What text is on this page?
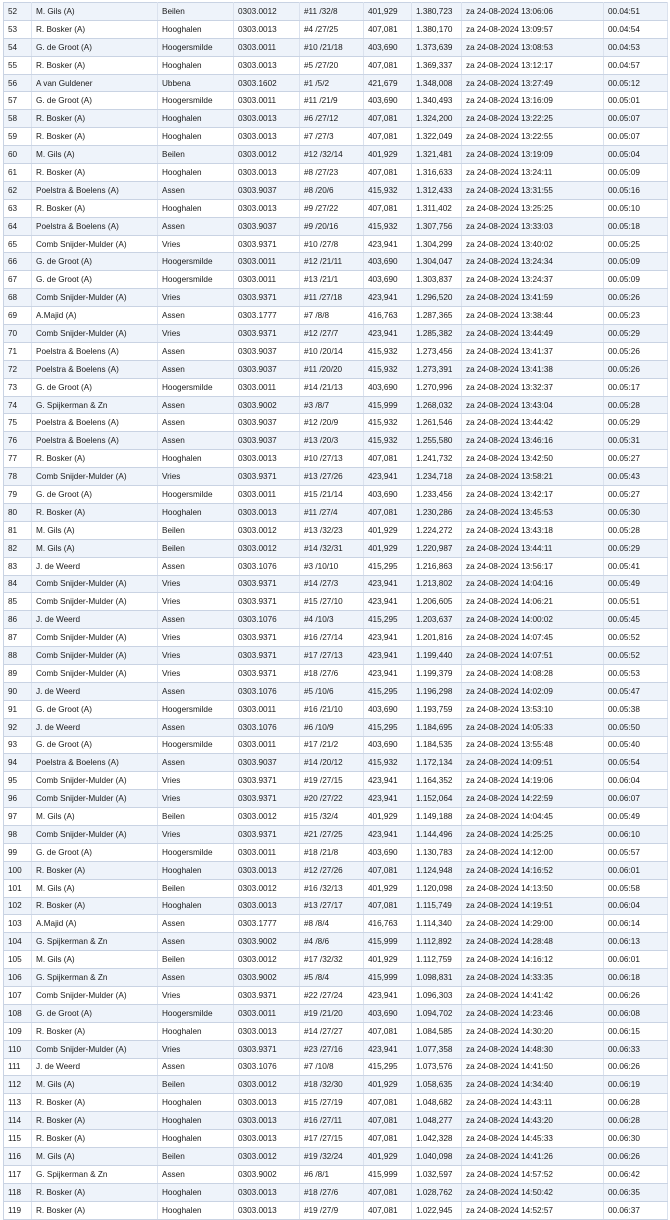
52	M. Gils (A)	Beilen	0303.0012	#11 /32/8	401,929	1.380,723	za 24-08-2024 13:06:06	00.04:51
53	R. Bosker (A)	Hooghalen	0303.0013	#4 /27/25	407,081	1.380,170	za 24-08-2024 13:09:57	00.04:54
54	G. de Groot (A)	Hoogersmilde	0303.0011	#10 /21/18	403,690	1.373,639	za 24-08-2024 13:08:53	00.04:53
55	R. Bosker (A)	Hooghalen	0303.0013	#5 /27/20	407,081	1.369,337	za 24-08-2024 13:12:17	00.04:57
56	A van Guldener	Ubbena	0303.1602	#1 /5/2	421,679	1.348,008	za 24-08-2024 13:27:49	00.05:12
57	G. de Groot (A)	Hoogersmilde	0303.0011	#11 /21/9	403,690	1.340,493	za 24-08-2024 13:16:09	00.05:01
58	R. Bosker (A)	Hooghalen	0303.0013	#6 /27/12	407,081	1.324,200	za 24-08-2024 13:22:25	00.05:07
59	R. Bosker (A)	Hooghalen	0303.0013	#7 /27/3	407,081	1.322,049	za 24-08-2024 13:22:55	00.05:07
60	M. Gils (A)	Beilen	0303.0012	#12 /32/14	401,929	1.321,481	za 24-08-2024 13:19:09	00.05:04
61	R. Bosker (A)	Hooghalen	0303.0013	#8 /27/23	407,081	1.316,633	za 24-08-2024 13:24:11	00.05:09
62	Poelstra & Boelens (A)	Assen	0303.9037	#8 /20/6	415,932	1.312,433	za 24-08-2024 13:31:55	00.05:16
63	R. Bosker (A)	Hooghalen	0303.0013	#9 /27/22	407,081	1.311,402	za 24-08-2024 13:25:25	00.05:10
64	Poelstra & Boelens (A)	Assen	0303.9037	#9 /20/16	415,932	1.307,756	za 24-08-2024 13:33:03	00.05:18
65	Comb Snijder-Mulder (A)	Vries	0303.9371	#10 /27/8	423,941	1.304,299	za 24-08-2024 13:40:02	00.05:25
66	G. de Groot (A)	Hoogersmilde	0303.0011	#12 /21/11	403,690	1.304,047	za 24-08-2024 13:24:34	00.05:09
67	G. de Groot (A)	Hoogersmilde	0303.0011	#13 /21/1	403,690	1.303,837	za 24-08-2024 13:24:37	00.05:09
68	Comb Snijder-Mulder (A)	Vries	0303.9371	#11 /27/18	423,941	1.296,520	za 24-08-2024 13:41:59	00.05:26
69	A.Majid (A)	Assen	0303.1777	#7 /8/8	416,763	1.287,365	za 24-08-2024 13:38:44	00.05:23
70	Comb Snijder-Mulder (A)	Vries	0303.9371	#12 /27/7	423,941	1.285,382	za 24-08-2024 13:44:49	00.05:29
71	Poelstra & Boelens (A)	Assen	0303.9037	#10 /20/14	415,932	1.273,456	za 24-08-2024 13:41:37	00.05:26
72	Poelstra & Boelens (A)	Assen	0303.9037	#11 /20/20	415,932	1.273,391	za 24-08-2024 13:41:38	00.05:26
73	G. de Groot (A)	Hoogersmilde	0303.0011	#14 /21/13	403,690	1.270,996	za 24-08-2024 13:32:37	00.05:17
74	G. Spijkerman & Zn	Assen	0303.9002	#3 /8/7	415,999	1.268,032	za 24-08-2024 13:43:04	00.05:28
75	Poelstra & Boelens (A)	Assen	0303.9037	#12 /20/9	415,932	1.261,546	za 24-08-2024 13:44:42	00.05:29
76	Poelstra & Boelens (A)	Assen	0303.9037	#13 /20/3	415,932	1.255,580	za 24-08-2024 13:46:16	00.05:31
77	R. Bosker (A)	Hooghalen	0303.0013	#10 /27/13	407,081	1.241,732	za 24-08-2024 13:42:50	00.05:27
78	Comb Snijder-Mulder (A)	Vries	0303.9371	#13 /27/26	423,941	1.234,718	za 24-08-2024 13:58:21	00.05:43
79	G. de Groot (A)	Hoogersmilde	0303.0011	#15 /21/14	403,690	1.233,456	za 24-08-2024 13:42:17	00.05:27
80	R. Bosker (A)	Hooghalen	0303.0013	#11 /27/4	407,081	1.230,286	za 24-08-2024 13:45:53	00.05:30
81	M. Gils (A)	Beilen	0303.0012	#13 /32/23	401,929	1.224,272	za 24-08-2024 13:43:18	00.05:28
82	M. Gils (A)	Beilen	0303.0012	#14 /32/31	401,929	1.220,987	za 24-08-2024 13:44:11	00.05:29
83	J. de Weerd	Assen	0303.1076	#3 /10/10	415,295	1.216,863	za 24-08-2024 13:56:17	00.05:41
84	Comb Snijder-Mulder (A)	Vries	0303.9371	#14 /27/3	423,941	1.213,802	za 24-08-2024 14:04:16	00.05:49
85	Comb Snijder-Mulder (A)	Vries	0303.9371	#15 /27/10	423,941	1.206,605	za 24-08-2024 14:06:21	00.05:51
86	J. de Weerd	Assen	0303.1076	#4 /10/3	415,295	1.203,637	za 24-08-2024 14:00:02	00.05:45
87	Comb Snijder-Mulder (A)	Vries	0303.9371	#16 /27/14	423,941	1.201,816	za 24-08-2024 14:07:45	00.05:52
88	Comb Snijder-Mulder (A)	Vries	0303.9371	#17 /27/13	423,941	1.199,440	za 24-08-2024 14:07:51	00.05:52
89	Comb Snijder-Mulder (A)	Vries	0303.9371	#18 /27/6	423,941	1.199,379	za 24-08-2024 14:08:28	00.05:53
90	J. de Weerd	Assen	0303.1076	#5 /10/6	415,295	1.196,298	za 24-08-2024 14:02:09	00.05:47
91	G. de Groot (A)	Hoogersmilde	0303.0011	#16 /21/10	403,690	1.193,759	za 24-08-2024 13:53:10	00.05:38
92	J. de Weerd	Assen	0303.1076	#6 /10/9	415,295	1.184,695	za 24-08-2024 14:05:33	00.05:50
93	G. de Groot (A)	Hoogersmilde	0303.0011	#17 /21/2	403,690	1.184,535	za 24-08-2024 13:55:48	00.05:40
94	Poelstra & Boelens (A)	Assen	0303.9037	#14 /20/12	415,932	1.172,134	za 24-08-2024 14:09:51	00.05:54
95	Comb Snijder-Mulder (A)	Vries	0303.9371	#19 /27/15	423,941	1.164,352	za 24-08-2024 14:19:06	00.06:04
96	Comb Snijder-Mulder (A)	Vries	0303.9371	#20 /27/22	423,941	1.152,064	za 24-08-2024 14:22:59	00.06:07
97	M. Gils (A)	Beilen	0303.0012	#15 /32/4	401,929	1.149,188	za 24-08-2024 14:04:45	00.05:49
98	Comb Snijder-Mulder (A)	Vries	0303.9371	#21 /27/25	423,941	1.144,496	za 24-08-2024 14:25:25	00.06:10
99	G. de Groot (A)	Hoogersmilde	0303.0011	#18 /21/8	403,690	1.130,783	za 24-08-2024 14:12:00	00.05:57
100	R. Bosker (A)	Hooghalen	0303.0013	#12 /27/26	407,081	1.124,948	za 24-08-2024 14:16:52	00.06:01
101	M. Gils (A)	Beilen	0303.0012	#16 /32/13	401,929	1.120,098	za 24-08-2024 14:13:50	00.05:58
102	R. Bosker (A)	Hooghalen	0303.0013	#13 /27/17	407,081	1.115,749	za 24-08-2024 14:19:51	00.06:04
103	A.Majid (A)	Assen	0303.1777	#8 /8/4	416,763	1.114,340	za 24-08-2024 14:29:00	00.06:14
104	G. Spijkerman & Zn	Assen	0303.9002	#4 /8/6	415,999	1.112,892	za 24-08-2024 14:28:48	00.06:13
105	M. Gils (A)	Beilen	0303.0012	#17 /32/32	401,929	1.112,759	za 24-08-2024 14:16:12	00.06:01
106	G. Spijkerman & Zn	Assen	0303.9002	#5 /8/4	415,999	1.098,831	za 24-08-2024 14:33:35	00.06:18
107	Comb Snijder-Mulder (A)	Vries	0303.9371	#22 /27/24	423,941	1.096,303	za 24-08-2024 14:41:42	00.06:26
108	G. de Groot (A)	Hoogersmilde	0303.0011	#19 /21/20	403,690	1.094,702	za 24-08-2024 14:23:46	00.06:08
109	R. Bosker (A)	Hooghalen	0303.0013	#14 /27/27	407,081	1.084,585	za 24-08-2024 14:30:20	00.06:15
110	Comb Snijder-Mulder (A)	Vries	0303.9371	#23 /27/16	423,941	1.077,358	za 24-08-2024 14:48:30	00.06:33
111	J. de Weerd	Assen	0303.1076	#7 /10/8	415,295	1.073,576	za 24-08-2024 14:41:50	00.06:26
112	M. Gils (A)	Beilen	0303.0012	#18 /32/30	401,929	1.058,635	za 24-08-2024 14:34:40	00.06:19
113	R. Bosker (A)	Hooghalen	0303.0013	#15 /27/19	407,081	1.048,682	za 24-08-2024 14:43:11	00.06:28
114	R. Bosker (A)	Hooghalen	0303.0013	#16 /27/11	407,081	1.048,277	za 24-08-2024 14:43:20	00.06:28
115	R. Bosker (A)	Hooghalen	0303.0013	#17 /27/15	407,081	1.042,328	za 24-08-2024 14:45:33	00.06:30
116	M. Gils (A)	Beilen	0303.0012	#19 /32/24	401,929	1.040,098	za 24-08-2024 14:41:26	00.06:26
117	G. Spijkerman & Zn	Assen	0303.9002	#6 /8/1	415,999	1.032,597	za 24-08-2024 14:57:52	00.06:42
118	R. Bosker (A)	Hooghalen	0303.0013	#18 /27/6	407,081	1.028,762	za 24-08-2024 14:50:42	00.06:35
119	R. Bosker (A)	Hooghalen	0303.0013	#19 /27/9	407,081	1.022,945	za 24-08-2024 14:52:57	00.06:37
